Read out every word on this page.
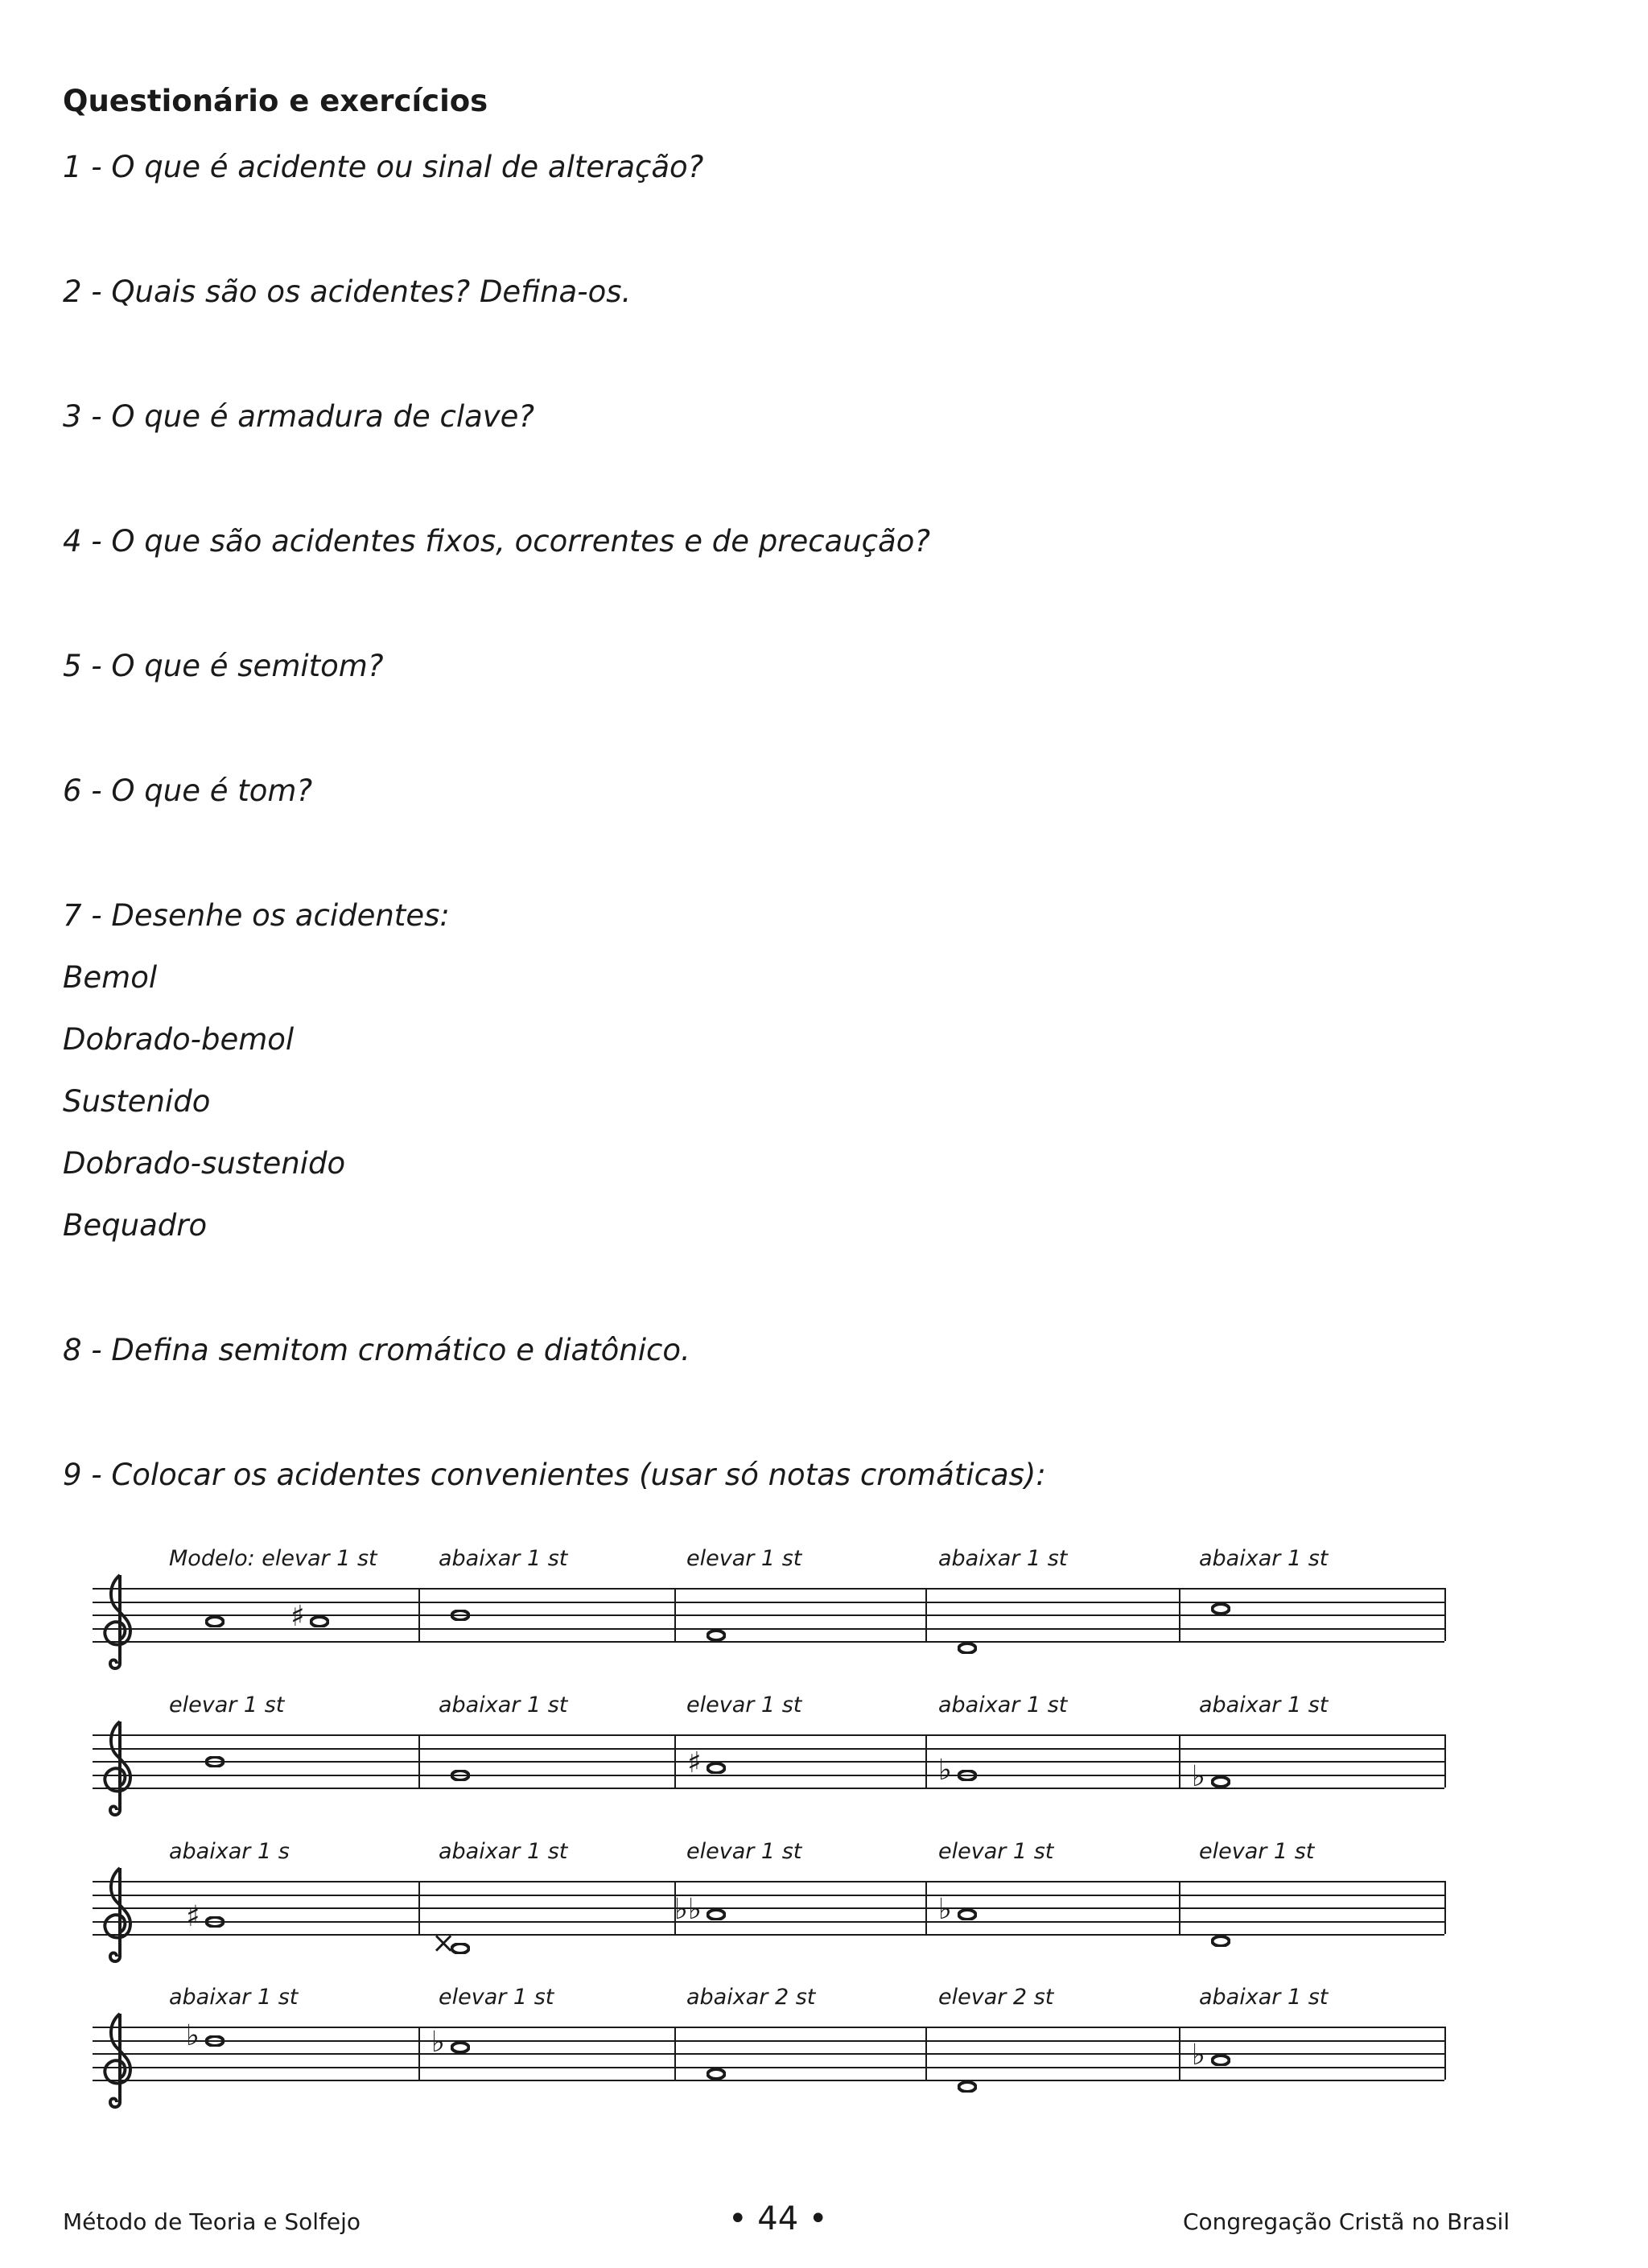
Questionário e exercícios

1 - O que é acidente ou sinal de alteração?

2 - Quais são os acidentes? Defina-os.

3 - O que é armadura de clave?

4 - O que são acidentes fixos, ocorrentes e de precaução?

5 - O que é semitom?

6 - O que é tom?

7 - Desenhe os acidentes:

Bemol

Dobrado-bemol

Sustenido

Dobrado-sustenido

Bequadro

8 - Defina semitom cromático e diatônico.

9 - Colocar os acidentes convenientes (usar só notas cromáticas):

Modelo: elevar 1 st	abaixar 1 st	elevar 1 st	abaixar 1 st	abaixar 1 st
♯
elevar 1 st	abaixar 1 st	elevar 1 st	abaixar 1 st	abaixar 1 st
♯	♭	♭
abaixar 1 s	abaixar 1 st	elevar 1 st	elevar 1 st	elevar 1 st
♯
×
♭♭	♭
abaixar 1 st	elevar 1 st	abaixar 2 st	elevar 2 st	abaixar 1 st
♭	♭	♭
Método de Teoria e Solfejo	• 44 •	Congregação Cristã no Brasil
